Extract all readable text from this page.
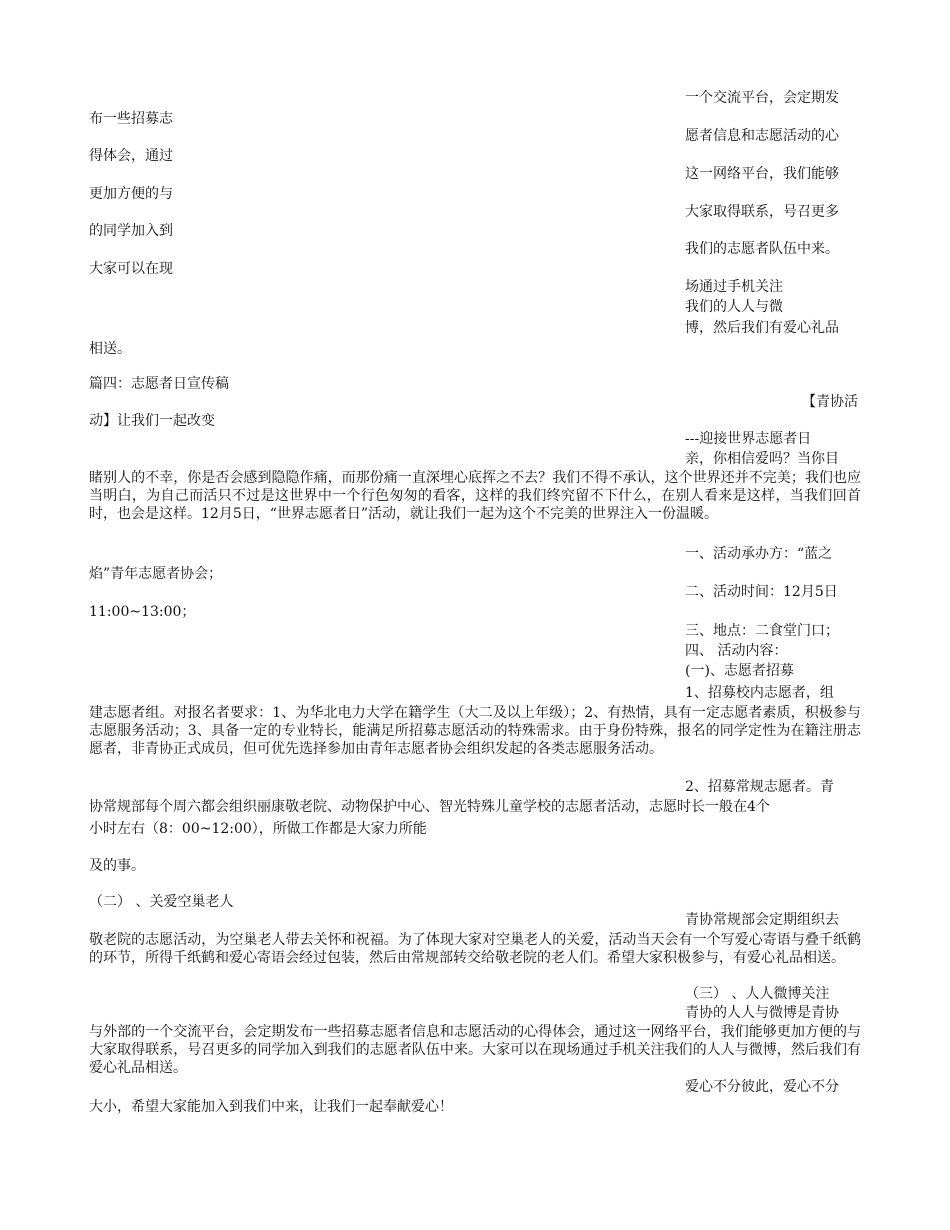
一个交流平台，会定期发
布一些招募志
愿者信息和志愿活动的心
得体会，通过
这一网络平台，我们能够
更加方便的与
大家取得联系，号召更多
的同学加入到
我们的志愿者队伍中来。
大家可以在现
场通过手机关注
我们的人人与微
博，然后我们有爱心礼品
相送。
篇四：志愿者日宣传稿
【青协活
动】让我们一起改变
---迎接世界志愿者日
亲，你相信爱吗？当你目
睹别人的不幸，你是否会感到隐隐作痛，而那份痛一直深埋心底挥之不去？我们不得不承认，这个世界还并不完美；我们也应当明白，为自己而活只不过是这世界中一个行色匆匆的看客，这样的我们终究留不下什么，在别人看来是这样，当我们回首时，也会是这样。12月5日，“世界志愿者日”活动，就让我们一起为这个不完美的世界注入一份温暖。
一、活动承办方：“蓝之
焰”青年志愿者协会；
二、活动时间：12月5日
11:00~13:00；
三、地点：二食堂门口；
四、 活动内容：
(一)、志愿者招募
1、招募校内志愿者，组
建志愿者组。对报名者要求：1、为华北电力大学在籍学生（大二及以上年级）；2、有热情，具有一定志愿者素质，积极参与志愿服务活动；3、具备一定的专业特长，能满足所招募志愿活动的特殊需求。由于身份特殊，报名的同学定性为在籍注册志愿者，非青协正式成员，但可优先选择参加由青年志愿者协会组织发起的各类志愿服务活动。
2、招募常规志愿者。青
协常规部每个周六都会组织丽康敬老院、动物保护中心、智光特殊儿童学校的志愿者活动，志愿时长一般在4个
小时左右（8：00~12:00），所做工作都是大家力所能
及的事。
（二） 、关爱空巢老人
青协常规部会定期组织去
敬老院的志愿活动，为空巢老人带去关怀和祝福。为了体现大家对空巢老人的关爱，活动当天会有一个写爱心寄语与叠千纸鹤的环节，所得千纸鹤和爱心寄语会经过包装，然后由常规部转交给敬老院的老人们。希望大家积极参与，有爱心礼品相送。
（三） 、人人微博关注
青协的人人与微博是青协
与外部的一个交流平台，会定期发布一些招募志愿者信息和志愿活动的心得体会，通过这一网络平台，我们能够更加方便的与大家取得联系，号召更多的同学加入到我们的志愿者队伍中来。大家可以在现场通过手机关注我们的人人与微博，然后我们有爱心礼品相送。
爱心不分彼此，爱心不分
大小，希望大家能加入到我们中来，让我们一起奉献爱心！
